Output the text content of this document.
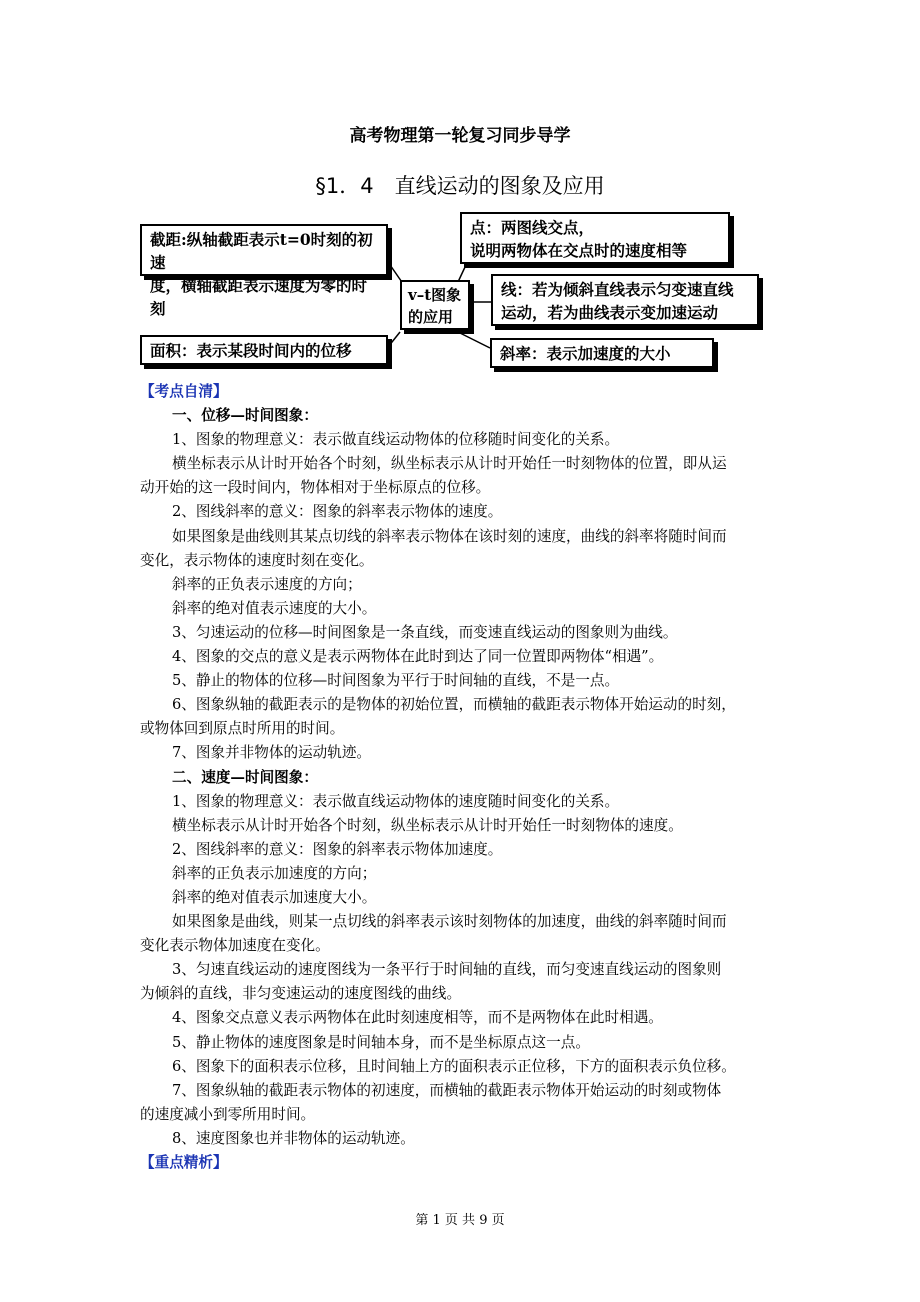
高考物理第一轮复习同步导学
§1．4　直线运动的图象及应用
截距:纵轴截距表示t=0时刻的初速
度，横轴截距表示速度为零的时刻
点：两图线交点，
说明两物体在交点时的速度相等
v–t图象
的应用
线：若为倾斜直线表示匀变速直线
运动，若为曲线表示变加速运动
面积：表示某段时间内的位移	斜率：表示加速度的大小
【考点自清】
一、位移—时间图象：
1、图象的物理意义：表示做直线运动物体的位移随时间变化的关系。
横坐标表示从计时开始各个时刻，纵坐标表示从计时开始任一时刻物体的位置，即从运
动开始的这一段时间内，物体相对于坐标原点的位移。
2、图线斜率的意义：图象的斜率表示物体的速度。
如果图象是曲线则其某点切线的斜率表示物体在该时刻的速度，曲线的斜率将随时间而
变化，表示物体的速度时刻在变化。
斜率的正负表示速度的方向；
斜率的绝对值表示速度的大小。
3、匀速运动的位移—时间图象是一条直线，而变速直线运动的图象则为曲线。
4、图象的交点的意义是表示两物体在此时到达了同一位置即两物体“相遇”。
5、静止的物体的位移—时间图象为平行于时间轴的直线，不是一点。
6、图象纵轴的截距表示的是物体的初始位置，而横轴的截距表示物体开始运动的时刻，
或物体回到原点时所用的时间。
7、图象并非物体的运动轨迹。
二、速度—时间图象：
1、图象的物理意义：表示做直线运动物体的速度随时间变化的关系。
横坐标表示从计时开始各个时刻，纵坐标表示从计时开始任一时刻物体的速度。
2、图线斜率的意义：图象的斜率表示物体加速度。
斜率的正负表示加速度的方向；
斜率的绝对值表示加速度大小。
如果图象是曲线，则某一点切线的斜率表示该时刻物体的加速度，曲线的斜率随时间而
变化表示物体加速度在变化。
3、匀速直线运动的速度图线为一条平行于时间轴的直线，而匀变速直线运动的图象则
为倾斜的直线，非匀变速运动的速度图线的曲线。
4、图象交点意义表示两物体在此时刻速度相等，而不是两物体在此时相遇。
5、静止物体的速度图象是时间轴本身，而不是坐标原点这一点。
6、图象下的面积表示位移，且时间轴上方的面积表示正位移，下方的面积表示负位移。
7、图象纵轴的截距表示物体的初速度，而横轴的截距表示物体开始运动的时刻或物体
的速度减小到零所用时间。
8、速度图象也并非物体的运动轨迹。
【重点精析】
第 1 页 共 9 页
